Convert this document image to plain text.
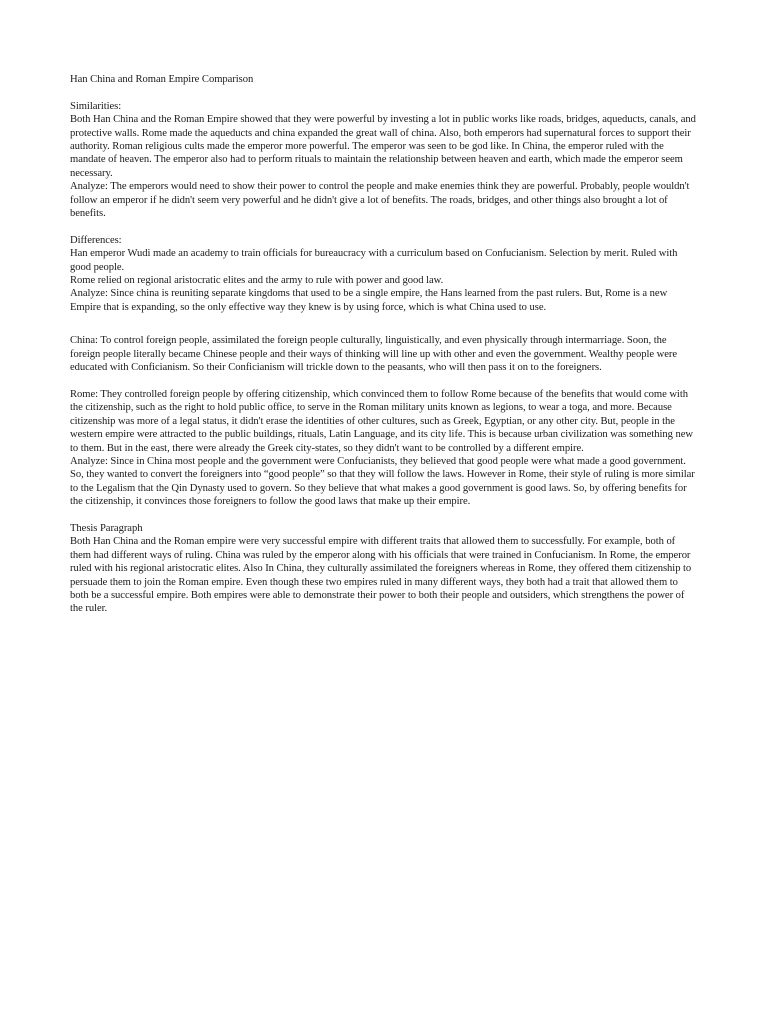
Han China and Roman Empire Comparison

Similarities:

Both Han China and the Roman Empire showed that they were powerful by investing a lot in public works like roads, bridges, aqueducts, canals, and protective walls. Rome made the aqueducts and china expanded the great wall of china. Also, both emperors had supernatural forces to support their authority. Roman religious cults made the emperor more powerful. The emperor was seen to be god like. In China, the emperor ruled with the mandate of heaven. The emperor also had to perform rituals to maintain the relationship between heaven and earth, which made the emperor seem necessary.

Analyze: The emperors would need to show their power to control the people and make enemies think they are powerful. Probably, people wouldn't follow an emperor if he didn't seem very powerful and he didn't give a lot of benefits. The roads, bridges, and other things also brought a lot of benefits.

Differences:

Han emperor Wudi made an academy to train officials for bureaucracy with a curriculum based on Confucianism. Selection by merit. Ruled with good people.

Rome relied on regional aristocratic elites and the army to rule with power and good law.

Analyze: Since china is reuniting separate kingdoms that used to be a single empire, the Hans learned from the past rulers. But, Rome is a new Empire that is expanding, so the only effective way they knew is by using force, which is what China used to use.

China: To control foreign people, assimilated the foreign people culturally, linguistically, and even physically through intermarriage. Soon, the foreign people literally became Chinese people and their ways of thinking will line up with other and even the government. Wealthy people were educated with Conficianism. So their Conficianism will trickle down to the peasants, who will then pass it on to the foreigners.

Rome: They controlled foreign people by offering citizenship, which convinced them to follow Rome because of the benefits that would come with the citizenship, such as the right to hold public office, to serve in the Roman military units known as legions, to wear a toga, and more. Because citizenship was more of a legal status, it didn't erase the identities of other cultures, such as Greek, Egyptian, or any other city. But, people in the western empire were attracted to the public buildings, rituals, Latin Language, and its city life. This is because urban civilization was something new to them. But in the east, there were already the Greek city-states, so they didn't want to be controlled by a different empire.

Analyze: Since in China most people and the government were Confucianists, they believed that good people were what made a good government. So, they wanted to convert the foreigners into “good people” so that they will follow the laws. However in Rome, their style of ruling is more similar to the Legalism that the Qin Dynasty used to govern. So they believe that what makes a good government is good laws. So, by offering benefits for the citizenship, it convinces those foreigners to follow the good laws that make up their empire.

Thesis Paragraph

Both Han China and the Roman empire were very successful empire with different traits that allowed them to successfully. For example, both of them had different ways of ruling. China was ruled by the emperor along with his officials that were trained in Confucianism. In Rome, the emperor ruled with his regional aristocratic elites. Also In China, they culturally assimilated the foreigners whereas in Rome, they offered them citizenship to persuade them to join the Roman empire. Even though these two empires ruled in many different ways, they both had a trait that allowed them to both be a successful empire. Both empires were able to demonstrate their power to both their people and outsiders, which strengthens the power of the ruler.
